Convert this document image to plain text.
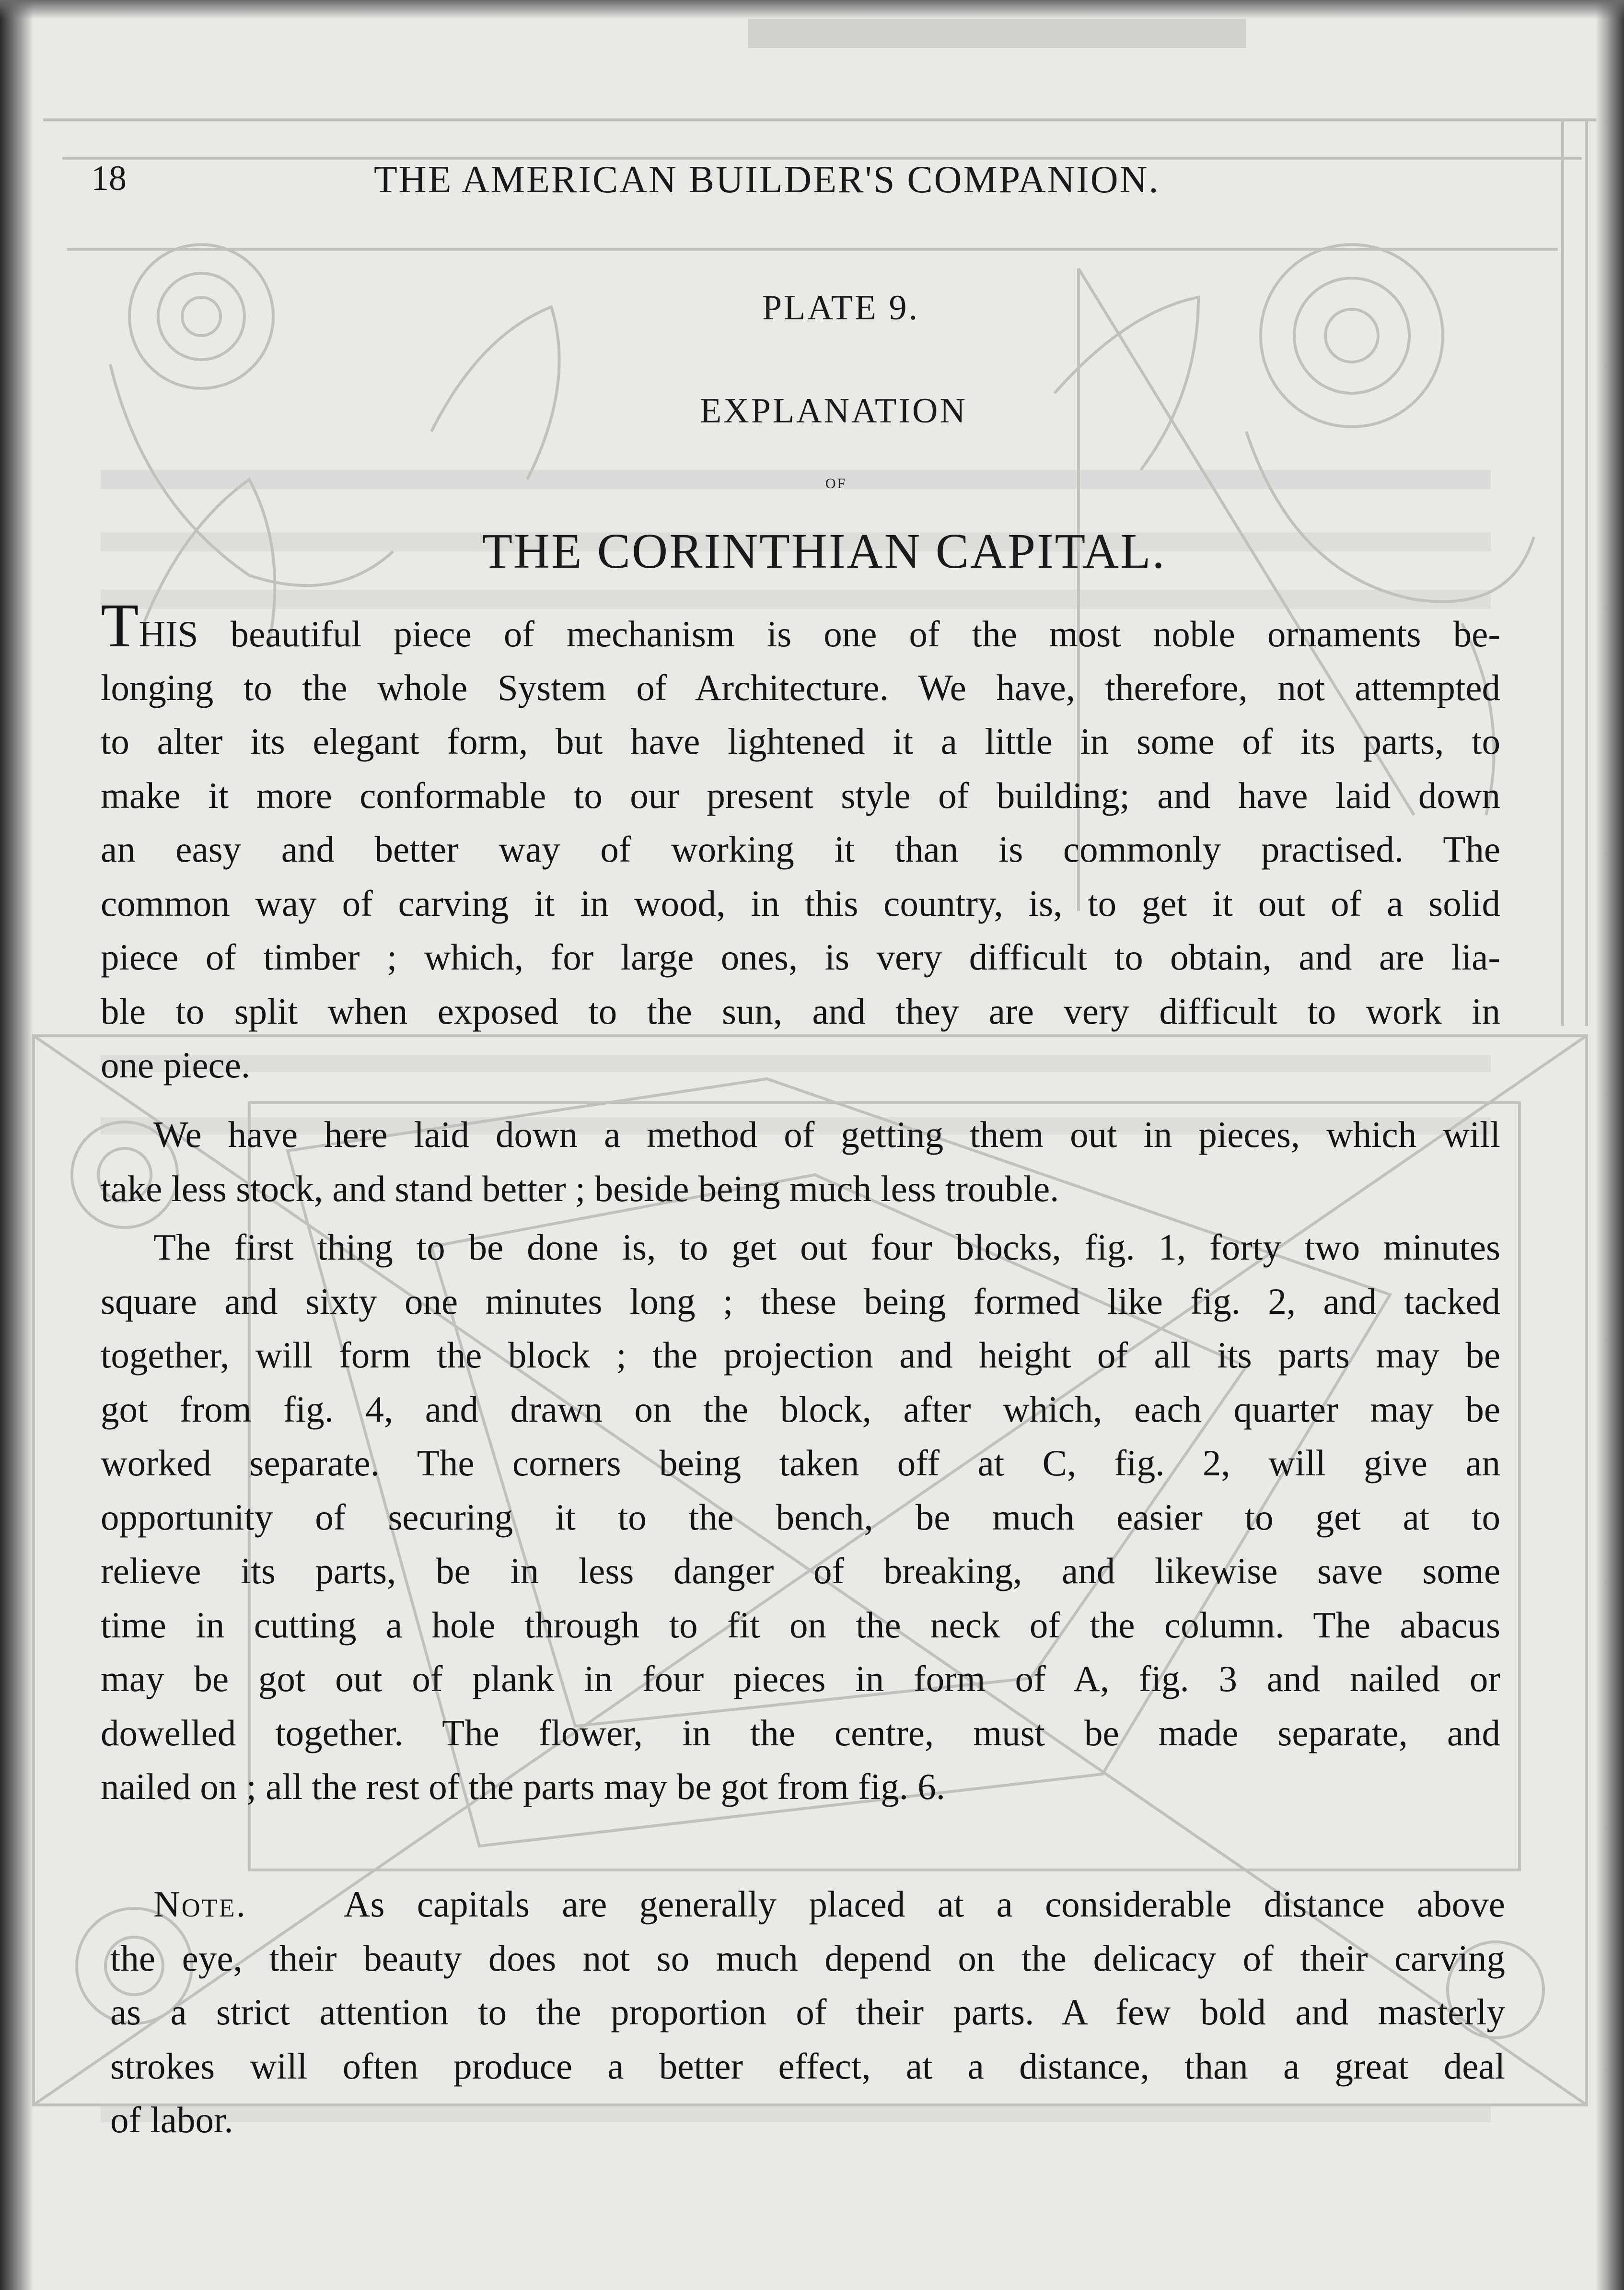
18	THE AMERICAN BUILDER'S COMPANION.
PLATE 9.
EXPLANATION
OF
THE CORINTHIAN CAPITAL.
THIS beautiful piece of mechanism is one of the most noble ornaments be-
longing to the whole System of Architecture. We have, therefore, not attempted
to alter its elegant form, but have lightened it a little in some of its parts, to
make it more conformable to our present style of building; and have laid down
an easy and better way of working it than is commonly practised. The
common way of carving it in wood, in this country, is, to get it out of a solid
piece of timber ; which, for large ones, is very difficult to obtain, and are lia-
ble to split when exposed to the sun, and they are very difficult to work in
one piece.
We have here laid down a method of getting them out in pieces, which will
take less stock, and stand better ; beside being much less trouble.
The first thing to be done is, to get out four blocks, fig. 1, forty two minutes
square and sixty one minutes long ; these being formed like fig. 2, and tacked
together, will form the block ; the projection and height of all its parts may be
got from fig. 4, and drawn on the block, after which, each quarter may be
worked separate. The corners being taken off at C, fig. 2, will give an
opportunity of securing it to the bench, be much easier to get at to
relieve its parts, be in less danger of breaking, and likewise save some
time in cutting a hole through to fit on the neck of the column. The abacus
may be got out of plank in four pieces in form of A, fig. 3 and nailed or
dowelled together. The flower, in the centre, must be made separate, and
nailed on ; all the rest of the parts may be got from fig. 6.
Note.	As capitals are generally placed at a considerable distance above
the eye, their beauty does not so much depend on the delicacy of their carving
as a strict attention to the proportion of their parts. A few bold and masterly
strokes will often produce a better effect, at a distance, than a great deal
of labor.
